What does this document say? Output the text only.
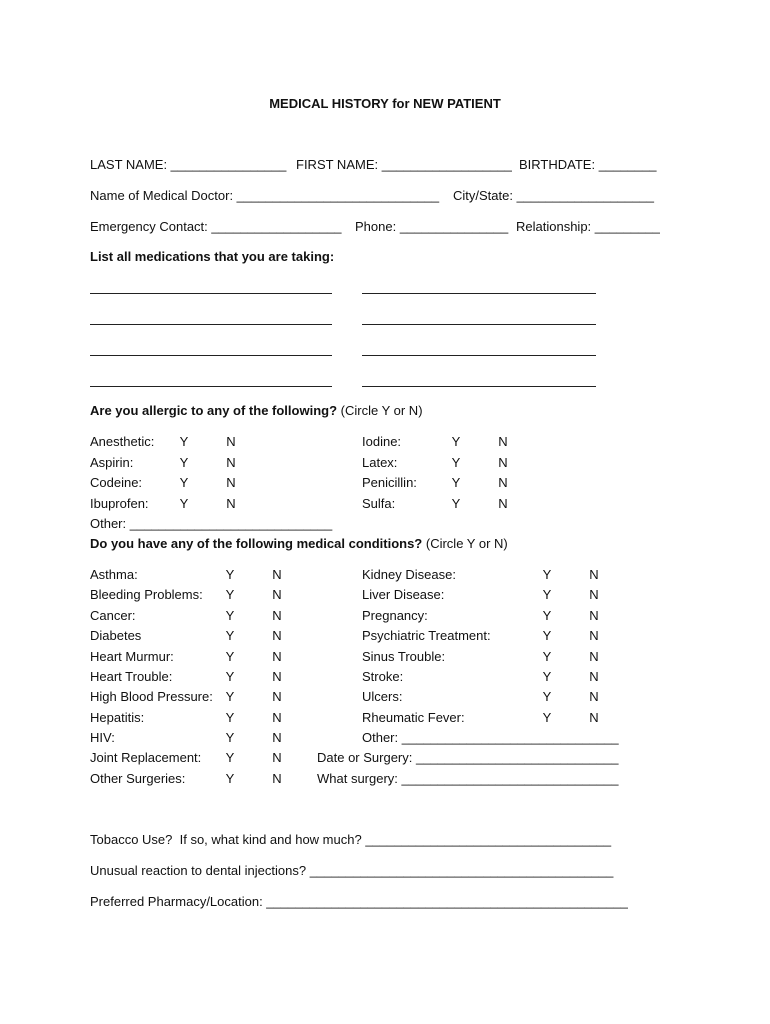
MEDICAL HISTORY for NEW PATIENT
LAST NAME: ________________ FIRST NAME: __________________ BIRTHDATE: ________
Name of Medical Doctor: ____________________________ City/State: ___________________
Emergency Contact: __________________ Phone: _______________ Relationship: _________
List all medications that you are taking:
Are you allergic to any of the following? (Circle Y or N)
Anesthetic: Y	N
Aspirin:	Y	N
Codeine:	Y	N
Ibuprofen: Y	N
Iodine:	Y	N
Latex:	Y	N
Penicillin:	Y	N
Sulfa:	Y	N
Other: ____________________________
Do you have any of the following medical conditions? (Circle Y or N)
Asthma:	Y	N
Bleeding Problems: Y	N
Cancer:	Y	N
Diabetes	Y	N
Heart Murmur:	Y	N
Heart Trouble:	Y	N
High Blood Pressure: Y	N
Hepatitis:	Y	N
HIV:	Y	N
Joint Replacement: Y	N
Other Surgeries:	Y	N
Kidney Disease:	Y	N
Liver Disease:	Y	N
Pregnancy:	Y	N
Psychiatric Treatment:	Y	N
Sinus Trouble:	Y	N
Stroke:	Y	N
Ulcers:	Y	N
Rheumatic Fever:	Y	N
Other: ______________________________
Date or Surgery: ____________________________
What surgery: ______________________________
Tobacco Use?  If so, what kind and how much? __________________________________
Unusual reaction to dental injections? __________________________________________
Preferred Pharmacy/Location: __________________________________________________
